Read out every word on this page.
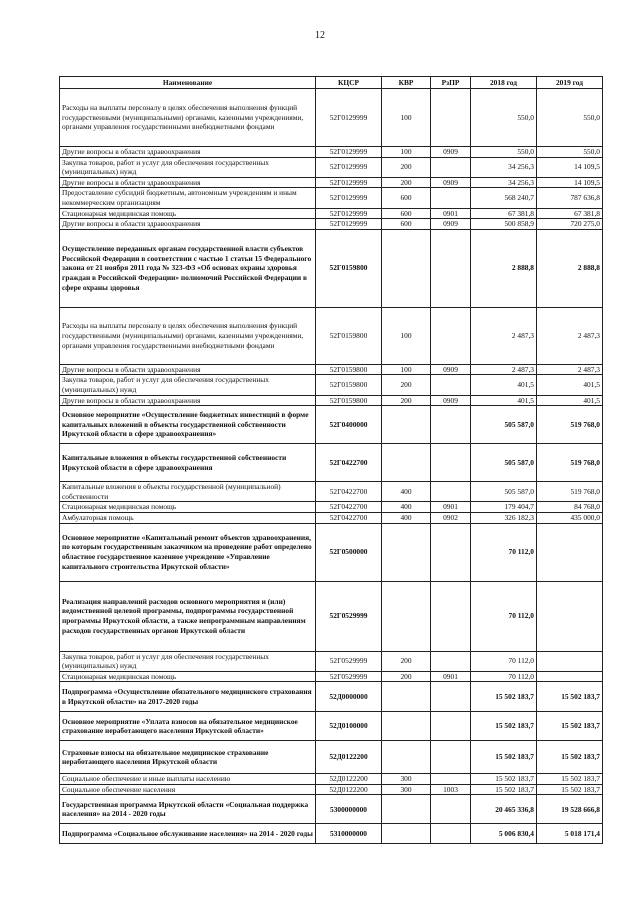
12
Наименование	КЦСР	КВР	РзПР	2018 год	2019 год
Расходы на выплаты персоналу в целях обеспечения выполнения функций государственными (муниципальными) органами, казенными учреждениями, органами управления государственными внебюджетными фондами	52Г0129999	100		550,0	550,0
Другие вопросы в области здравоохранения	52Г0129999	100	0909	550,0	550,0
Закупка товаров, работ и услуг для обеспечения государственных (муниципальных) нужд	52Г0129999	200		34 256,3	14 109,5
Другие вопросы в области здравоохранения	52Г0129999	200	0909	34 256,3	14 109,5
Предоставление субсидий бюджетным, автономным учреждениям и иным некоммерческим организациям	52Г0129999	600		568 240,7	787 636,8
Стационарная медицинская помощь	52Г0129999	600	0901	67 381,8	67 381,8
Другие вопросы в области здравоохранения	52Г0129999	600	0909	500 858,9	720 275,0
Осуществление переданных органам государственной власти субъектов Российской Федерации в соответствии с частью 1 статьи 15 Федерального закона от 21 ноября 2011 года № 323-ФЗ «Об основах охраны здоровья граждан в Российской Федерации» полномочий Российской Федерации в сфере охраны здоровья	52Г0159800			2 888,8	2 888,8
Расходы на выплаты персоналу в целях обеспечения выполнения функций государственными (муниципальными) органами, казенными учреждениями, органами управления государственными внебюджетными фондами	52Г0159800	100		2 487,3	2 487,3
Другие вопросы в области здравоохранения	52Г0159800	100	0909	2 487,3	2 487,3
Закупка товаров, работ и услуг для обеспечения государственных (муниципальных) нужд	52Г0159800	200		401,5	401,5
Другие вопросы в области здравоохранения	52Г0159800	200	0909	401,5	401,5
Основное мероприятие «Осуществление бюджетных инвестиций в форме капитальных вложений в объекты государственной собственности Иркутской области в сфере здравоохранения»	52Г0400000			505 587,0	519 768,0
Капитальные вложения в объекты государственной собственности Иркутской области в сфере здравоохранения	52Г0422700			505 587,0	519 768,0
Капитальные вложения в объекты государственной (муниципальной) собственности	52Г0422700	400		505 587,0	519 768,0
Стационарная медицинская помощь	52Г0422700	400	0901	179 404,7	84 768,0
Амбулаторная помощь	52Г0422700	400	0902	326 182,3	435 000,0
Основное мероприятие «Капитальный ремонт объектов здравоохранения, по которым государственным заказчиком на проведение работ определено областное государственное казенное учреждение «Управление капитального строительства Иркутской области»	52Г0500000			70 112,0	
Реализация направлений расходов основного мероприятия и (или) ведомственной целевой программы, подпрограммы государственной программы Иркутской области, а также непрограммным направлениям расходов государственных органов Иркутской области	52Г0529999			70 112,0	
Закупка товаров, работ и услуг для обеспечения государственных (муниципальных) нужд	52Г0529999	200		70 112,0	
Стационарная медицинская помощь	52Г0529999	200	0901	70 112,0	
Подпрограмма «Осуществление обязательного медицинского страхования в Иркутской области» на 2017-2020 годы	52Д0000000			15 502 183,7	15 502 183,7
Основное мероприятие «Уплата взносов на обязательное медицинское страхование неработающего населения Иркутской области»	52Д0100000			15 502 183,7	15 502 183,7
Страховые взносы на обязательное медицинское страхование неработающего населения Иркутской области	52Д0122200			15 502 183,7	15 502 183,7
Социальное обеспечение и иные выплаты населению	52Д0122200	300		15 502 183,7	15 502 183,7
Социальное обеспечение населения	52Д0122200	300	1003	15 502 183,7	15 502 183,7
Государственная программа Иркутской области «Социальная поддержка населения» на 2014 - 2020 годы	5300000000			20 465 336,8	19 528 666,8
Подпрограмма «Социальное обслуживание населения» на 2014 - 2020 годы	5310000000			5 006 830,4	5 018 171,4
